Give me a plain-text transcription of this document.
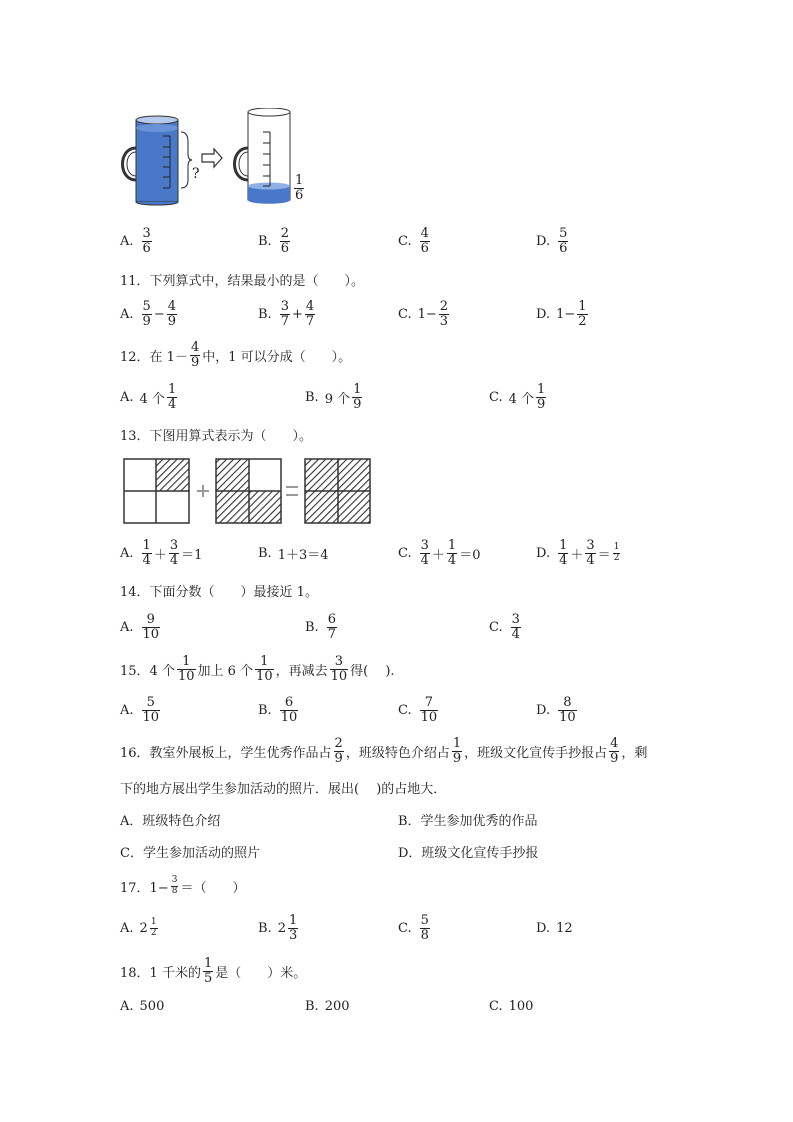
?	$\frac{1}{6}$
A. $\frac{3}{6}$	B. $\frac{2}{6}$	C. $\frac{4}{6}$	D. $\frac{5}{6}$
11．下列算式中，结果最小的是（　　）。
A. $\frac{5}{9} - \frac{4}{9}$	B. $\frac{3}{7} + \frac{4}{7}$	C. $1- \frac{2}{3}$	D. $1- \frac{1}{2}$
12．在 $1- \frac{4}{9}$ 中，1 可以分成（　　）。
A. 4 个 $\frac{1}{4}$	B. 9 个 $\frac{1}{9}$	C. 4 个 $\frac{1}{9}$
13．下图用算式表示为（　　）。
A. $\frac{1}{4} + \frac{3}{4} =1$	B. 1＋3＝4	C. $\frac{3}{4} + \frac{1}{4} =0$	D. $\frac{1}{4} + \frac{3}{4} = \frac{1}{2}$
14．下面分数（　　）最接近 1。
A. $\frac{9}{10}$	B. $\frac{6}{7}$	C. $\frac{3}{4}$
15．4 个 $\frac{1}{10}$ 加上 6 个 $\frac{1}{10}$ ，再减去 $\frac{3}{10}$ 得(　 ).
A. $\frac{5}{10}$	B. $\frac{6}{10}$	C. $\frac{7}{10}$	D. $\frac{8}{10}$
16．教室外展板上，学生优秀作品占 $\frac{2}{9}$ ，班级特色介绍占 $\frac{1}{9}$ ，班级文化宣传手抄报占 $\frac{4}{9}$ ，剩
下的地方展出学生参加活动的照片．展出(　 )的占地大．
A．班级特色介绍	B．学生参加优秀的作品
C．学生参加活动的照片	D．班级文化宣传手抄报
17．$1- \frac{3}{8}$ ＝（　　）
A. $2 \frac{1}{2}$	B. $2 \frac{1}{3}$	C. $\frac{5}{8}$	D. 12
18．1 千米的 $\frac{1}{5}$ 是（　　）米。
A. 500	B. 200	C. 100
